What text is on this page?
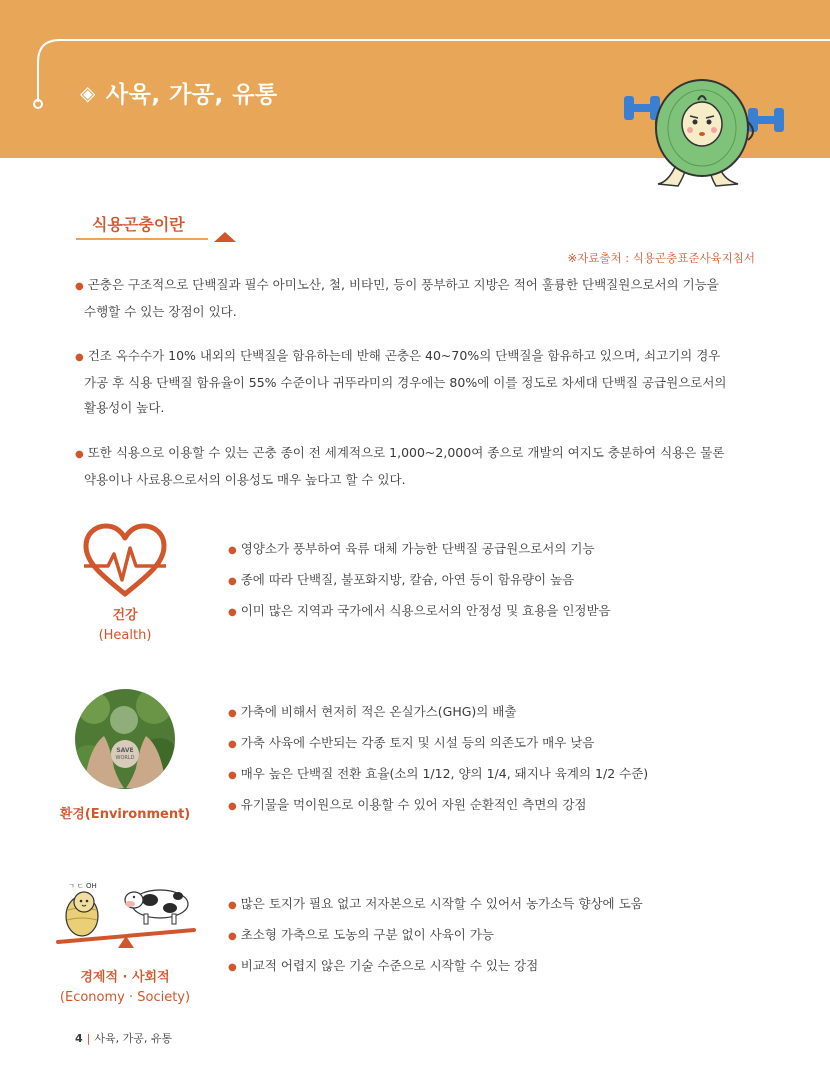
◈ 사육, 가공, 유통
식용곤충이란
※자료출처 : 식용곤충표준사육지침서
● 곤충은 구조적으로 단백질과 필수 아미노산, 철, 비타민, 등이 풍부하고 지방은 적어 훌륭한 단백질원으로서의 기능을
수행할 수 있는 장점이 있다.
● 건조 옥수수가 10% 내외의 단백질을 함유하는데 반해 곤충은 40~70%의 단백질을 함유하고 있으며, 쇠고기의 경우
가공 후 식용 단백질 함유율이 55% 수준이나 귀뚜라미의 경우에는 80%에 이를 정도로 차세대 단백질 공급원으로서의
활용성이 높다.
● 또한 식용으로 이용할 수 있는 곤충 종이 전 세계적으로 1,000~2,000여 종으로 개발의 여지도 충분하여 식용은 물론
약용이나 사료용으로서의 이용성도 매우 높다고 할 수 있다.
건강
(Health)
● 영양소가 풍부하여 육류 대체 가능한 단백질 공급원으로서의 기능
● 종에 따라 단백질, 불포화지방, 칼슘, 아연 등이 함유량이 높음
● 이미 많은 지역과 국가에서 식용으로서의 안정성 및 효용을 인정받음
SAVE
WORLD
환경(Environment)
● 가축에 비해서 현저히 적은 온실가스(GHG)의 배출
● 가축 사육에 수반되는 각종 토지 및 시설 등의 의존도가 매우 낮음
● 매우 높은 단백질 전환 효율(소의 1/12, 양의 1/4, 돼지나 육계의 1/2 수준)
● 유기물을 먹이원으로 이용할 수 있어 자원 순환적인 측면의 강점
ㄱ ㄷ OH
경제적 · 사회적
(Economy · Society)
● 많은 토지가 필요 없고 저자본으로 시작할 수 있어서 농가소득 향상에 도움
● 초소형 가축으로 도농의 구분 없이 사육이 가능
● 비교적 어렵지 않은 기술 수준으로 시작할 수 있는 강점
4 | 사육, 가공, 유통
